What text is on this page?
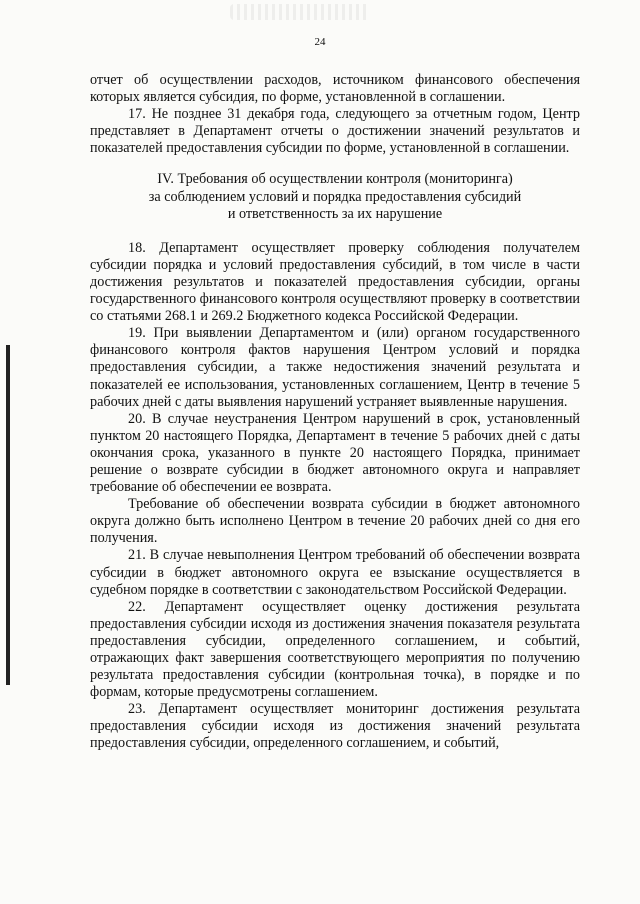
24

отчет об осуществлении расходов, источником финансового обеспечения которых является субсидия, по форме, установленной в соглашении.

17. Не позднее 31 декабря года, следующего за отчетным годом, Центр представляет в Департамент отчеты о достижении значений результатов и показателей предоставления субсидии по форме, установленной в соглашении.

IV. Требования об осуществлении контроля (мониторинга)
за соблюдением условий и порядка предоставления субсидий
и ответственность за их нарушение

18. Департамент осуществляет проверку соблюдения получателем субсидии порядка и условий предоставления субсидий, в том числе в части достижения результатов и показателей предоставления субсидии, органы государственного финансового контроля осуществляют проверку в соответствии со статьями 268.1 и 269.2 Бюджетного кодекса Российской Федерации.

19. При выявлении Департаментом и (или) органом государственного финансового контроля фактов нарушения Центром условий и порядка предоставления субсидии, а также недостижения значений результата и показателей ее использования, установленных соглашением, Центр в течение 5 рабочих дней с даты выявления нарушений устраняет выявленные нарушения.

20. В случае неустранения Центром нарушений в срок, установленный пунктом 20 настоящего Порядка, Департамент в течение 5 рабочих дней с даты окончания срока, указанного в пункте 20 настоящего Порядка, принимает решение о возврате субсидии в бюджет автономного округа и направляет требование об обеспечении ее возврата.

Требование об обеспечении возврата субсидии в бюджет автономного округа должно быть исполнено Центром в течение 20 рабочих дней со дня его получения.

21. В случае невыполнения Центром требований об обеспечении возврата субсидии в бюджет автономного округа ее взыскание осуществляется в судебном порядке в соответствии с законодательством Российской Федерации.

22. Департамент осуществляет оценку достижения результата предоставления субсидии исходя из достижения значения показателя результата предоставления субсидии, определенного соглашением, и событий, отражающих факт завершения соответствующего мероприятия по получению результата предоставления субсидии (контрольная точка), в порядке и по формам, которые предусмотрены соглашением.

23. Департамент осуществляет мониторинг достижения результата предоставления субсидии исходя из достижения значений результата предоставления субсидии, определенного соглашением, и событий,
